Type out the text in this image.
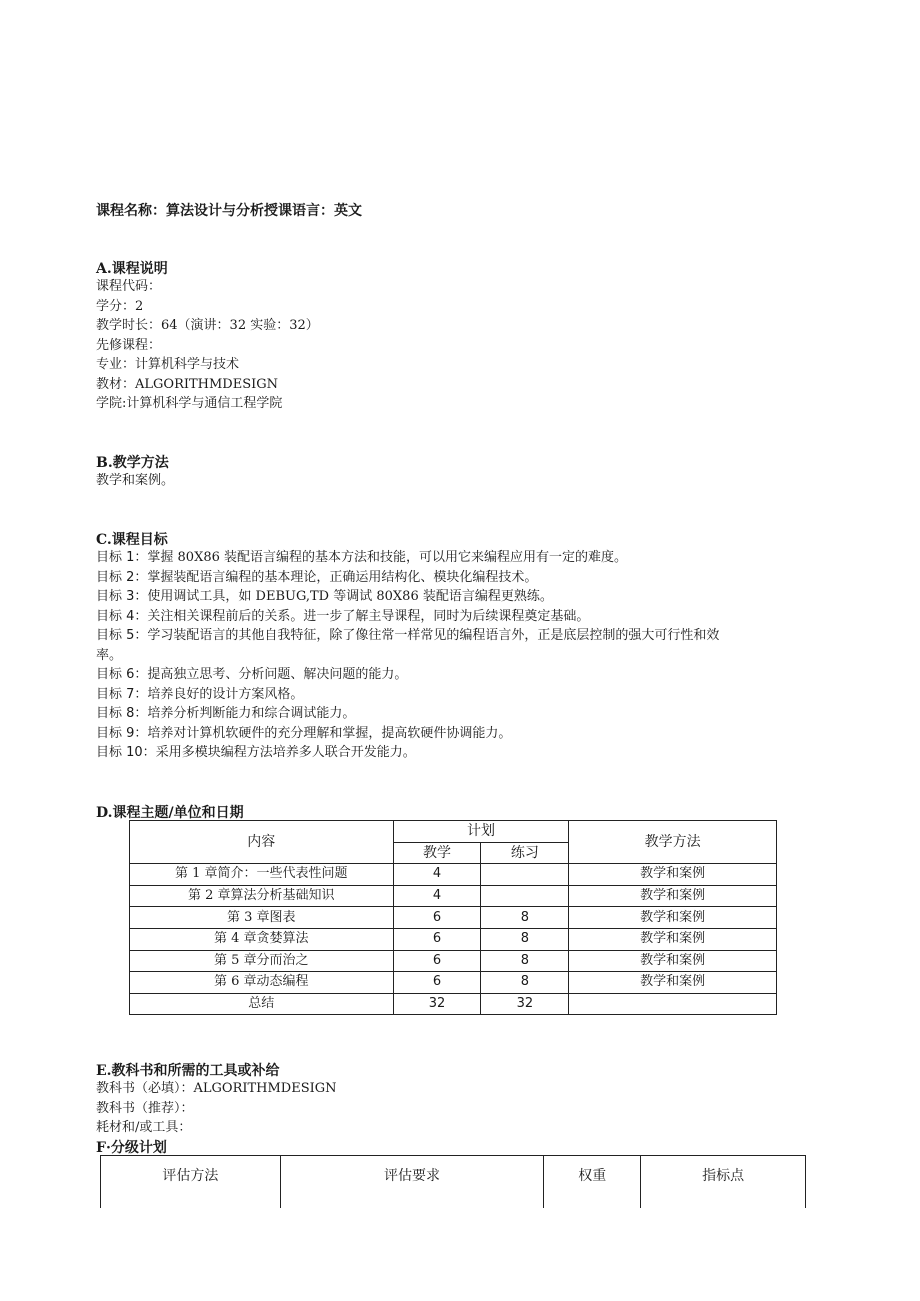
课程名称：算法设计与分析授课语言：英文
A.课程说明
课程代码：
学分：2
教学时长：64（演讲：32 实验：32）
先修课程：
专业：计算机科学与技术
教材：ALGORITHMDESIGN
学院:计算机科学与通信工程学院
B.教学方法
教学和案例。
C.课程目标
目标 1：掌握 80X86 装配语言编程的基本方法和技能，可以用它来编程应用有一定的难度。
目标 2：掌握装配语言编程的基本理论，正确运用结构化、模块化编程技术。
目标 3：使用调试工具，如 DEBUG,TD 等调试 80X86 装配语言编程更熟练。
目标 4：关注相关课程前后的关系。进一步了解主导课程，同时为后续课程奠定基础。
目标 5：学习装配语言的其他自我特征，除了像往常一样常见的编程语言外，正是底层控制的强大可行性和效
率。
目标 6：提高独立思考、分析问题、解决问题的能力。
目标 7：培养良好的设计方案风格。
目标 8：培养分析判断能力和综合调试能力。
目标 9：培养对计算机软硬件的充分理解和掌握，提高软硬件协调能力。
目标 10：采用多模块编程方法培养多人联合开发能力。
D.课程主题/单位和日期
内容	计划		教学方法
	教学	练习	
第 1 章简介：一些代表性问题	4		教学和案例
第 2 章算法分析基础知识	4		教学和案例
第 3 章图表	6	8	教学和案例
第 4 章贪婪算法	6	8	教学和案例
第 5 章分而治之	6	8	教学和案例
第 6 章动态编程	6	8	教学和案例
总结	32	32	
E.教科书和所需的工具或补给
教科书（必填）：ALGORITHMDESIGN
教科书（推荐）：
耗材和/或工具：
F·分级计划
评估方法	评估要求	权重	指标点
